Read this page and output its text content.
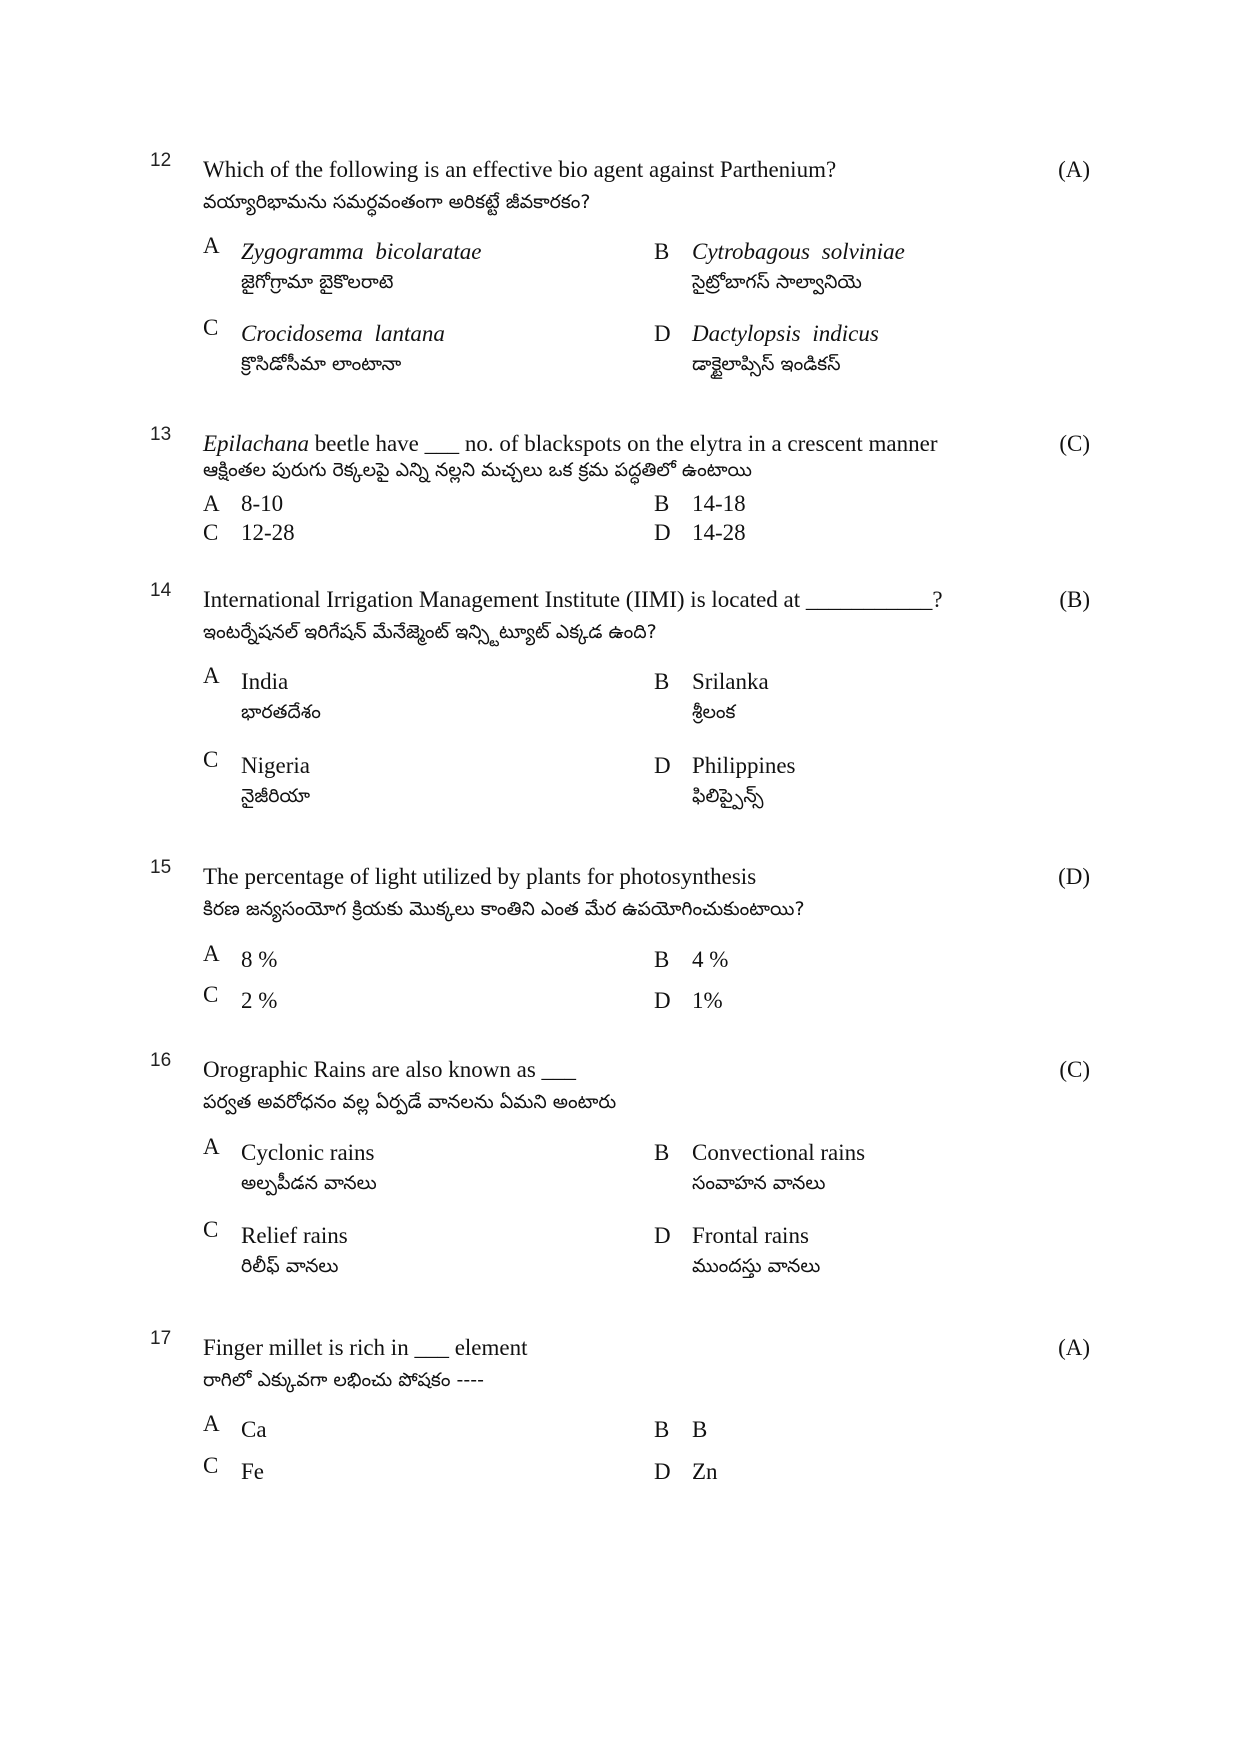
12 Which of the following is an effective bio agent against Parthenium?
వయ్యారిభామను సమర్ధవంతంగా అరికట్టే జీవకారకం?
(A)
A Zygogramma bicolaratae
జైగోగ్రామా బైకొలరాటె
B Cytrobagous solviniae
సైట్రోబాగస్ సాల్వానియె
C Crocidosema lantana
క్రొసిడోసీమా లాంటానా
D Dactylopsis indicus
డాక్టైలాప్సిస్ ఇండికస్
13 Epilachana beetle have ___ no. of blackspots on the elytra in a crescent manner
ఆక్షింతల పురుగు రెక్కలపై ఎన్ని నల్లని మచ్చలు ఒక క్రమ పద్ధతిలో ఉంటాయి
(C)
A 8-10	B 14-18
C 12-28	D 14-28
14 International Irrigation Management Institute (IIMI) is located at ___________?
ఇంటర్నేషనల్ ఇరిగేషన్ మేనేజ్మెంట్ ఇన్స్టిట్యూట్ ఎక్కడ ఉంది?
(B)
A India
భారతదేశం
B Srilanka
శ్రీలంక
C Nigeria
నైజీరియా
D Philippines
ఫిలిప్పైన్స్
15 The percentage of light utilized by plants for photosynthesis
కిరణ జన్యసంయోగ క్రియకు మొక్కలు కాంతిని ఎంత మేర ఉపయోగించుకుంటాయి?
(D)
A 8 %	B 4 %
C 2 %	D 1%
16 Orographic Rains are also known as ___
పర్వత అవరోధనం వల్ల ఏర్పడే వానలను ఏమని అంటారు
(C)
A Cyclonic rains
అల్పపీడన వానలు
B Convectional rains
సంవాహన వానలు
C Relief rains
రిలీఫ్ వానలు
D Frontal rains
ముందస్తు వానలు
17 Finger millet is rich in ___ element
రాగిలో ఎక్కువగా లభించు పోషకం ----
(A)
A Ca	B B
C Fe	D Zn
